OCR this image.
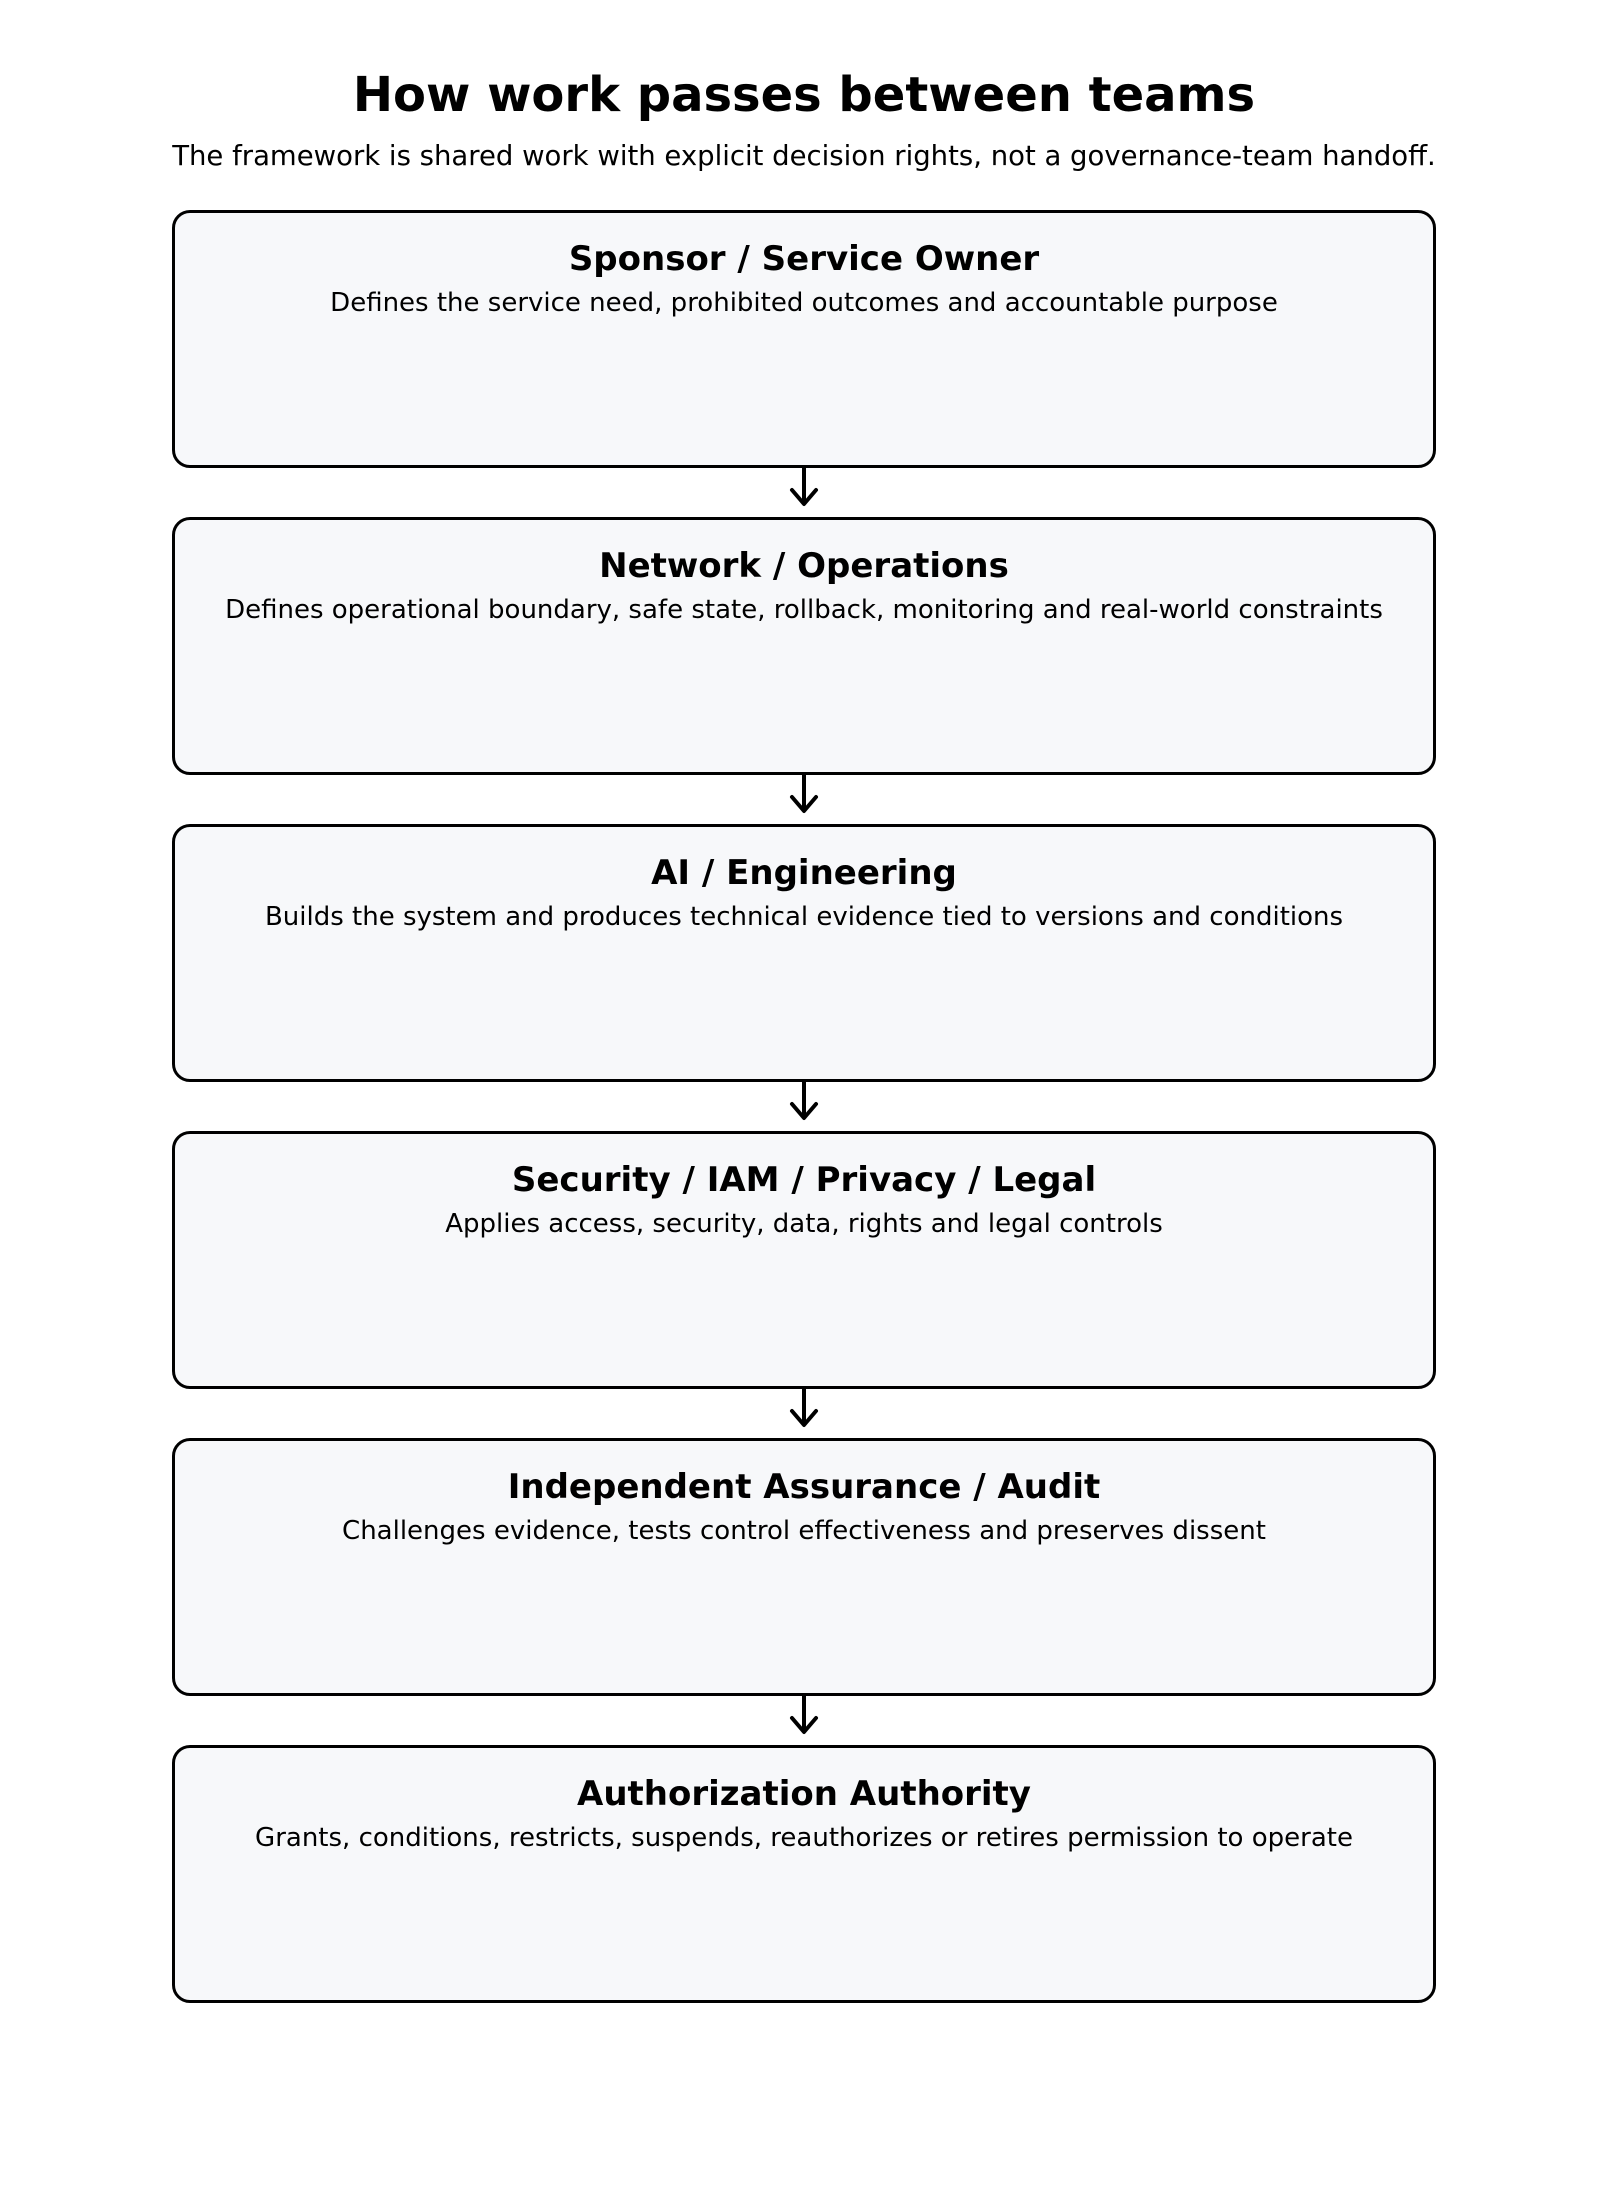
How work passes between teams
The framework is shared work with explicit decision rights, not a governance-team handoff.
Sponsor / Service Owner
Defines the service need, prohibited outcomes and accountable purpose
Network / Operations
Defines operational boundary, safe state, rollback, monitoring and real-world constraints
AI / Engineering
Builds the system and produces technical evidence tied to versions and conditions
Security / IAM / Privacy / Legal
Applies access, security, data, rights and legal controls
Independent Assurance / Audit
Challenges evidence, tests control effectiveness and preserves dissent
Authorization Authority
Grants, conditions, restricts, suspends, reauthorizes or retires permission to operate
